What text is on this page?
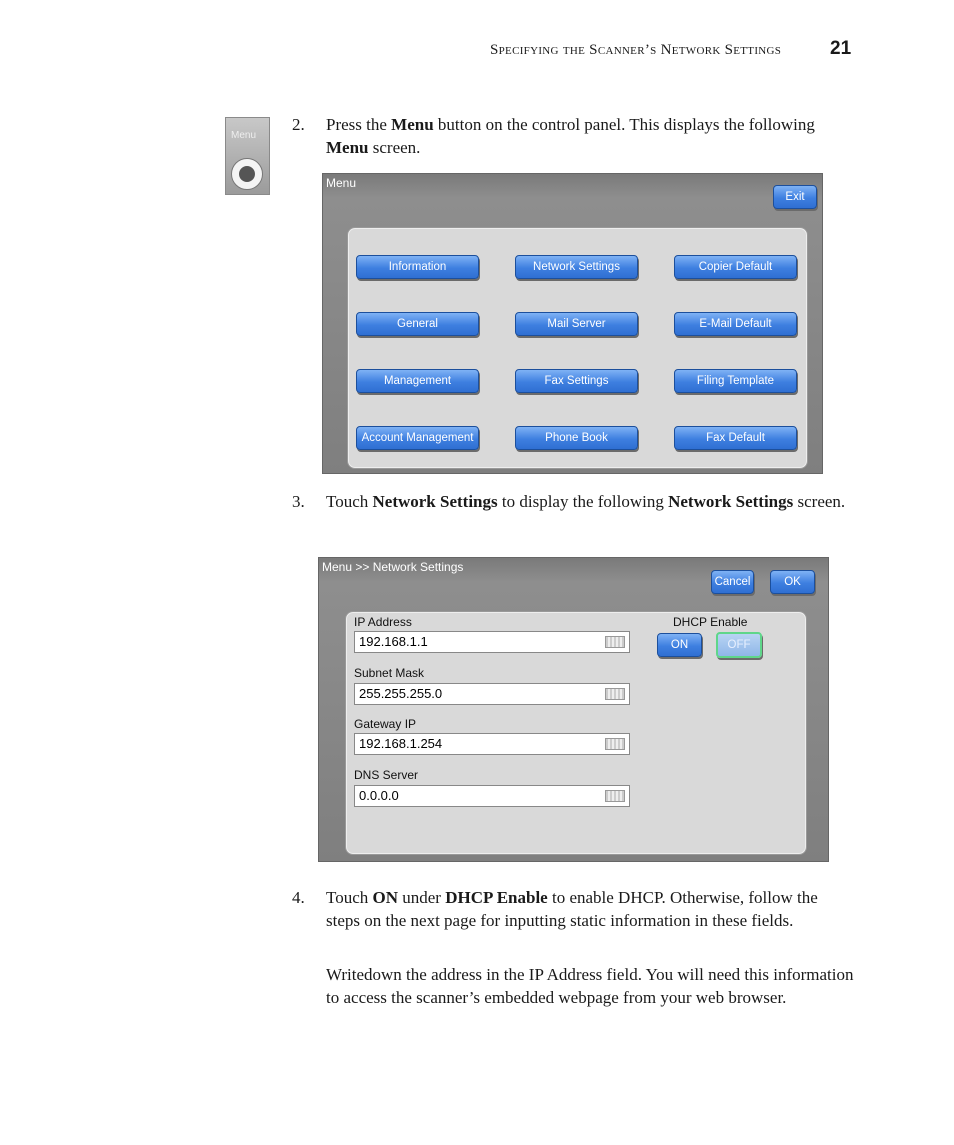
Specifying the Scanner’s Network Settings	21
Menu
2. Press the Menu button on the control panel. This displays the following Menu screen.
Menu
Exit
Information	Network Settings	Copier Default
General	Mail Server	E-Mail Default
Management	Fax Settings	Filing Template
Account Management	Phone Book	Fax Default
3. Touch Network Settings to display the following Network Settings screen.
Menu >> Network Settings
Cancel	OK
IP Address
192.168.1.1
Subnet Mask
255.255.255.0
Gateway IP
192.168.1.254
DNS Server
0.0.0.0
DHCP Enable
ON	OFF
4. Touch ON under DHCP Enable to enable DHCP. Otherwise, follow the steps on the next page for inputting static information in these fields.
Writedown the address in the IP Address field. You will need this information to access the scanner’s embedded webpage from your web browser.
